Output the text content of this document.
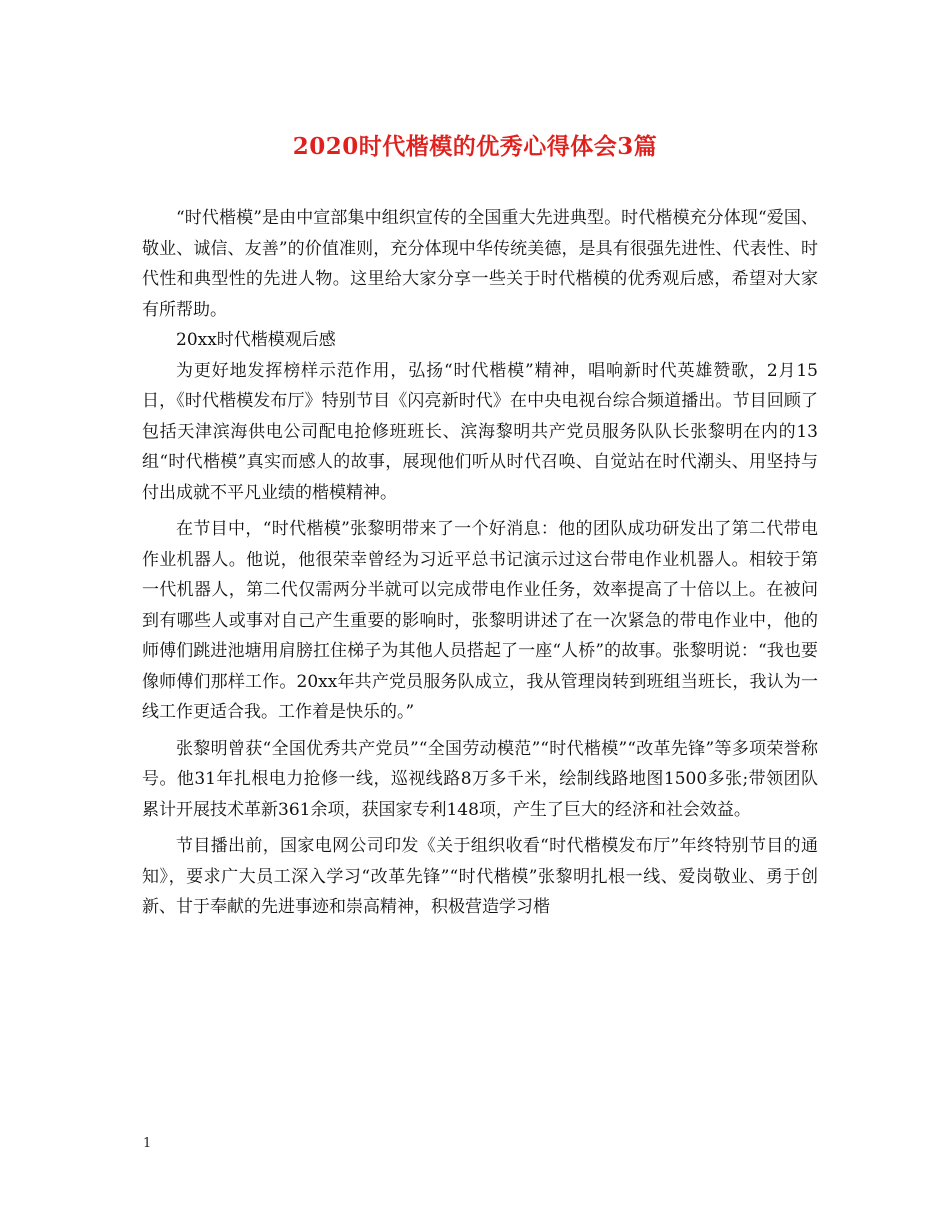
2020时代楷模的优秀心得体会3篇

“时代楷模”是由中宣部集中组织宣传的全国重大先进典型。时代楷模充分体现“爱国、敬业、诚信、友善”的价值准则，充分体现中华传统美德，是具有很强先进性、代表性、时代性和典型性的先进人物。这里给大家分享一些关于时代楷模的优秀观后感，希望对大家有所帮助。

20xx时代楷模观后感

为更好地发挥榜样示范作用，弘扬“时代楷模”精神，唱响新时代英雄赞歌，2月15日，《时代楷模发布厅》特别节目《闪亮新时代》在中央电视台综合频道播出。节目回顾了包括天津滨海供电公司配电抢修班班长、滨海黎明共产党员服务队队长张黎明在内的13组“时代楷模”真实而感人的故事，展现他们听从时代召唤、自觉站在时代潮头、用坚持与付出成就不平凡业绩的楷模精神。

在节目中，“时代楷模”张黎明带来了一个好消息：他的团队成功研发出了第二代带电作业机器人。他说，他很荣幸曾经为习近平总书记演示过这台带电作业机器人。相较于第一代机器人，第二代仅需两分半就可以完成带电作业任务，效率提高了十倍以上。在被问到有哪些人或事对自己产生重要的影响时，张黎明讲述了在一次紧急的带电作业中，他的师傅们跳进池塘用肩膀扛住梯子为其他人员搭起了一座“人桥”的故事。张黎明说：“我也要像师傅们那样工作。20xx年共产党员服务队成立，我从管理岗转到班组当班长，我认为一线工作更适合我。工作着是快乐的。”

张黎明曾获“全国优秀共产党员”“全国劳动模范”“时代楷模”“改革先锋”等多项荣誉称号。他31年扎根电力抢修一线，巡视线路8万多千米，绘制线路地图1500多张;带领团队累计开展技术革新361余项，获国家专利148项，产生了巨大的经济和社会效益。

节目播出前，国家电网公司印发《关于组织收看“时代楷模发布厅”年终特别节目的通知》，要求广大员工深入学习“改革先锋”“时代楷模”张黎明扎根一线、爱岗敬业、勇于创新、甘于奉献的先进事迹和崇高精神，积极营造学习楷

1
